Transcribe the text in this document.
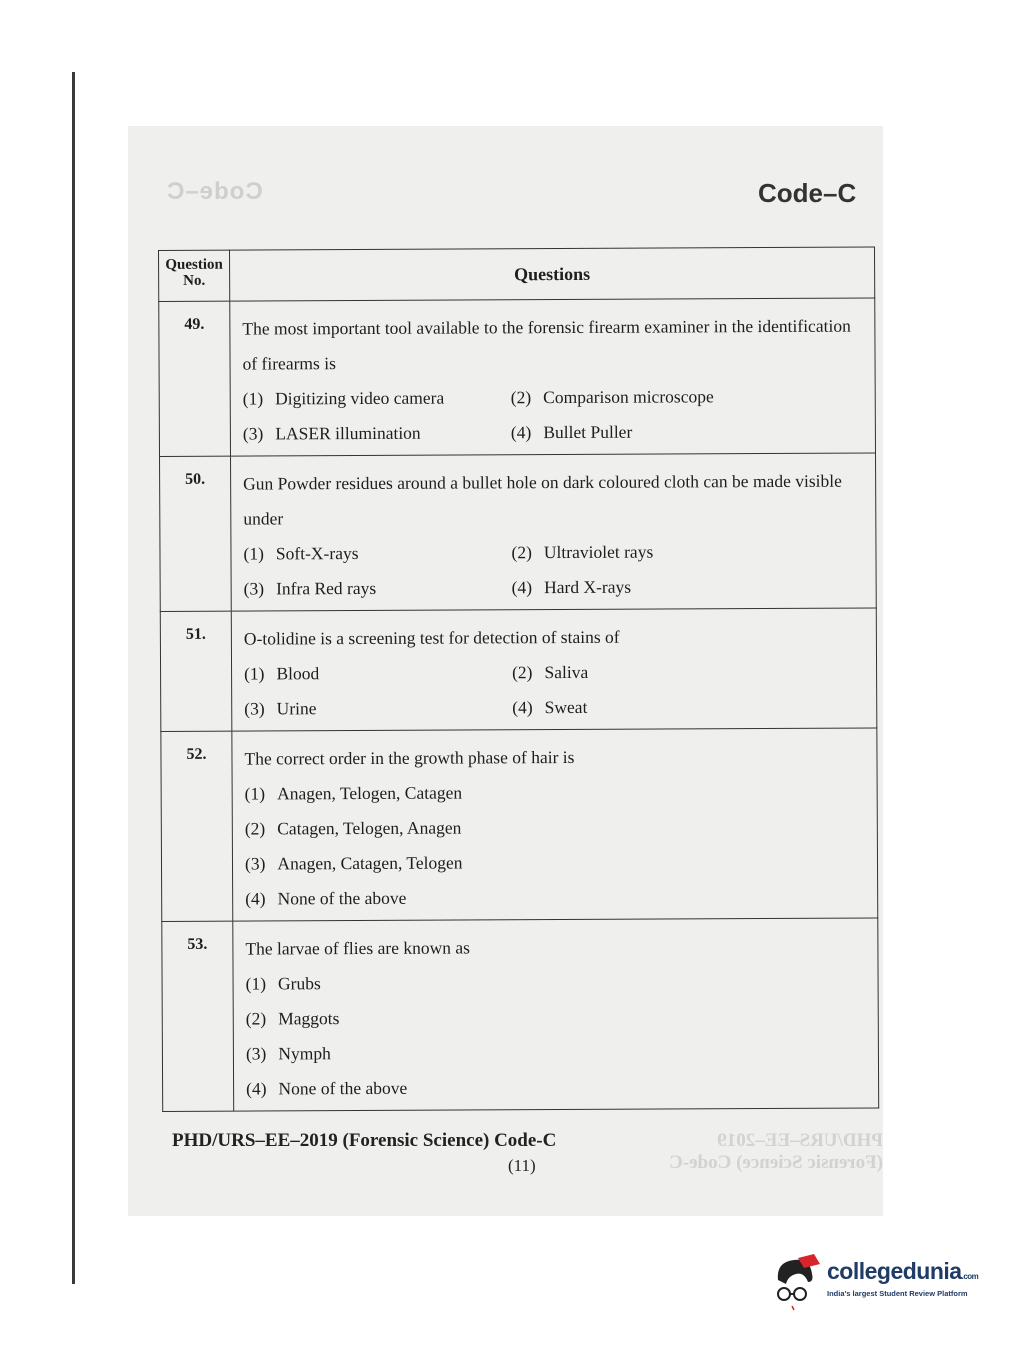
Code–C	Code–C
Question No.	Questions
49.	The most important tool available to the forensic firearm examiner in the identification of firearms is
(1) Digitizing video camera (2) Comparison microscope
(3) LASER illumination (4) Bullet Puller

50.	Gun Powder residues around a bullet hole on dark coloured cloth can be made visible under
(1) Soft-X-rays (2) Ultraviolet rays
(3) Infra Red rays (4) Hard X-rays

51.	O-tolidine is a screening test for detection of stains of
(1) Blood (2) Saliva
(3) Urine (4) Sweat

52.	The correct order in the growth phase of hair is
(1) Anagen, Telogen, Catagen
(2) Catagen, Telogen, Anagen
(3) Anagen, Catagen, Telogen
(4) None of the above

53.	The larvae of flies are known as
(1) Grubs
(2) Maggots
(3) Nymph
(4) None of the above
PHD/URS–EE–2019 (Forensic Science) Code-C
PHD/URS–EE–2019 (Forensic Science) Code-C
(11)
collegedunia.com
India's largest Student Review Platform
